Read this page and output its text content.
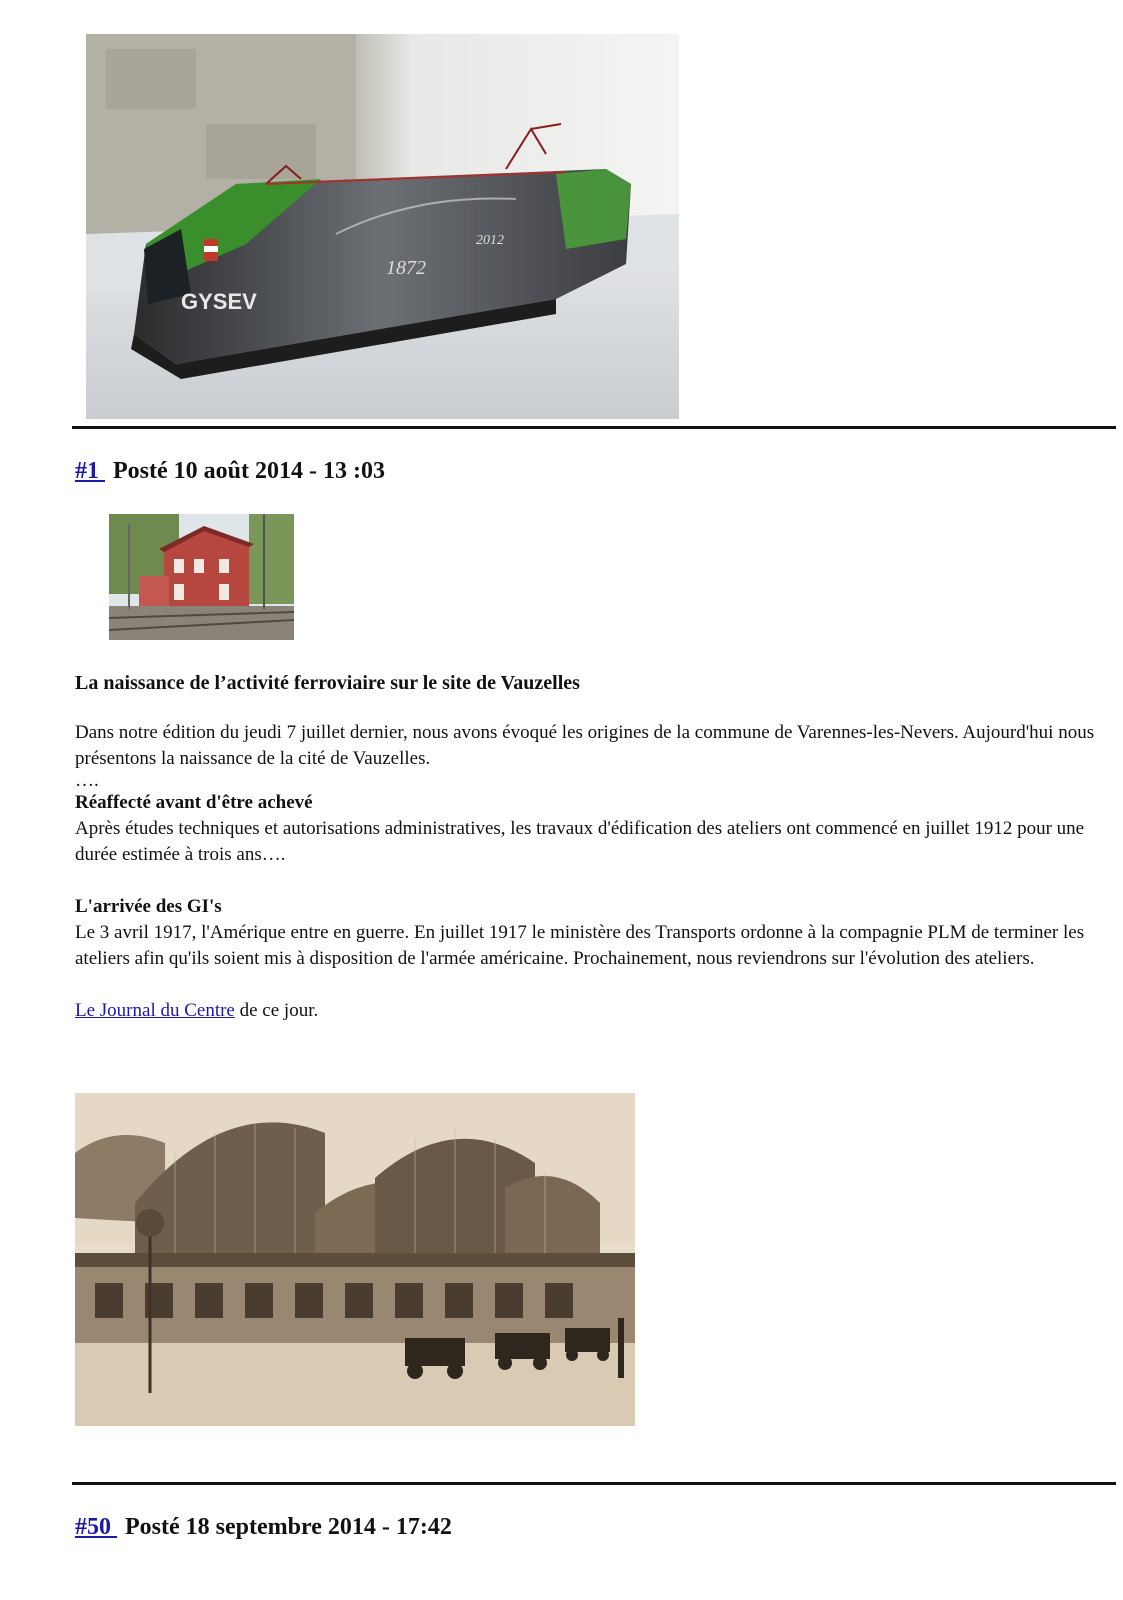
GYSEV
1872
2012
#1 Posté 10 août 2014 - 13 :03
La naissance de l’activité ferroviaire sur le site de Vauzelles

Dans notre édition du jeudi 7 juillet dernier, nous avons évoqué les origines de la commune de Varennes-les-Nevers. Aujourd'hui nous présentons la naissance de la cité de Vauzelles.

….

Réaffecté avant d'être achevé

Après études techniques et autorisations administratives, les travaux d'édification des ateliers ont commencé en juillet 1912 pour une durée estimée à trois ans….

L'arrivée des GI's

Le 3 avril 1917, l'Amérique entre en guerre. En juillet 1917 le ministère des Transports ordonne à la compagnie PLM de terminer les ateliers afin qu'ils soient mis à disposition de l'armée américaine. Prochainement, nous reviendrons sur l'évolution des ateliers.

Le Journal du Centre de ce jour.

#50 Posté 18 septembre 2014 - 17:42
